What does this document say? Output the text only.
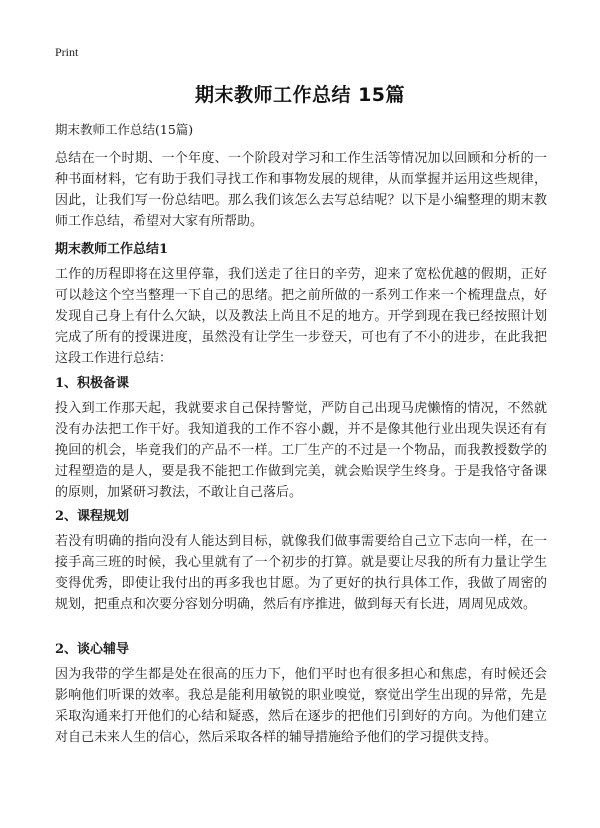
Print
期末教师工作总结 15篇
期末教师工作总结(15篇)
总结在一个时期、一个年度、一个阶段对学习和工作生活等情况加以回顾和分析的一种书面材料，它有助于我们寻找工作和事物发展的规律，从而掌握并运用这些规律，因此，让我们写一份总结吧。那么我们该怎么去写总结呢？以下是小编整理的期末教师工作总结，希望对大家有所帮助。
期末教师工作总结1
工作的历程即将在这里停靠，我们送走了往日的辛劳，迎来了宽松优越的假期，正好可以趁这个空当整理一下自己的思绪。把之前所做的一系列工作来一个梳理盘点，好发现自己身上有什么欠缺，以及教法上尚且不足的地方。开学到现在我已经按照计划完成了所有的授课进度，虽然没有让学生一步登天，可也有了不小的进步，在此我把这段工作进行总结：
1、积极备课
投入到工作那天起，我就要求自己保持警觉，严防自己出现马虎懒惰的情况，不然就没有办法把工作干好。我知道我的工作不容小觑，并不是像其他行业出现失误还有有挽回的机会，毕竟我们的产品不一样。工厂生产的不过是一个物品，而我教授数学的过程塑造的是人，要是我不能把工作做到完美，就会贻误学生终身。于是我恪守备课的原则，加紧研习教法，不敢让自己落后。
2、课程规划
若没有明确的指向没有人能达到目标，就像我们做事需要给自己立下志向一样，在一接手高三班的时候，我心里就有了一个初步的打算。就是要让尽我的所有力量让学生变得优秀，即使让我付出的再多我也甘愿。为了更好的执行具体工作，我做了周密的规划，把重点和次要分容划分明确，然后有序推进，做到每天有长进，周周见成效。
2、谈心辅导
因为我带的学生都是处在很高的压力下，他们平时也有很多担心和焦虑，有时候还会影响他们听课的效率。我总是能利用敏锐的职业嗅觉，察觉出学生出现的异常，先是采取沟通来打开他们的心结和疑惑，然后在逐步的把他们引到好的方向。为他们建立对自己未来人生的信心，然后采取各样的辅导措施给予他们的学习提供支持。
